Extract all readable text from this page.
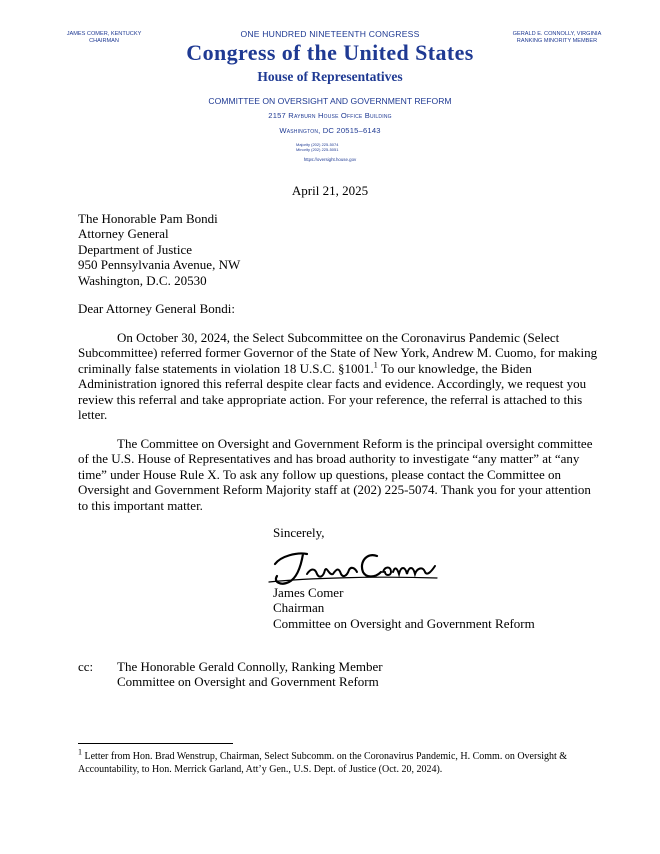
JAMES COMER, KENTUCKY
CHAIRMAN
GERALD E. CONNOLLY, VIRGINIA
RANKING MINORITY MEMBER
ONE HUNDRED NINETEENTH CONGRESS
Congress of the United States
House of Representatives
COMMITTEE ON OVERSIGHT AND GOVERNMENT REFORM
2157 Rayburn House Office Building
Washington, DC 20515–6143
Majority (202) 225-5074
Minority (202) 225-5051
https://oversight.house.gov
April 21, 2025
The Honorable Pam Bondi
Attorney General
Department of Justice
950 Pennsylvania Avenue, NW
Washington, D.C. 20530
Dear Attorney General Bondi:
On October 30, 2024, the Select Subcommittee on the Coronavirus Pandemic (Select Subcommittee) referred former Governor of the State of New York, Andrew M. Cuomo, for making criminally false statements in violation 18 U.S.C. §1001.$^1$ To our knowledge, the Biden Administration ignored this referral despite clear facts and evidence. Accordingly, we request you review this referral and take appropriate action. For your reference, the referral is attached to this letter.
The Committee on Oversight and Government Reform is the principal oversight committee of the U.S. House of Representatives and has broad authority to investigate “any matter” at “any time” under House Rule X. To ask any follow up questions, please contact the Committee on Oversight and Government Reform Majority staff at (202) 225-5074. Thank you for your attention to this important matter.
Sincerely,
James Comer
Chairman
Committee on Oversight and Government Reform
cc: The Honorable Gerald Connolly, Ranking Member
Committee on Oversight and Government Reform
$^1$ Letter from Hon. Brad Wenstrup, Chairman, Select Subcomm. on the Coronavirus Pandemic, H. Comm. on Oversight & Accountability, to Hon. Merrick Garland, Att’y Gen., U.S. Dept. of Justice (Oct. 20, 2024).
